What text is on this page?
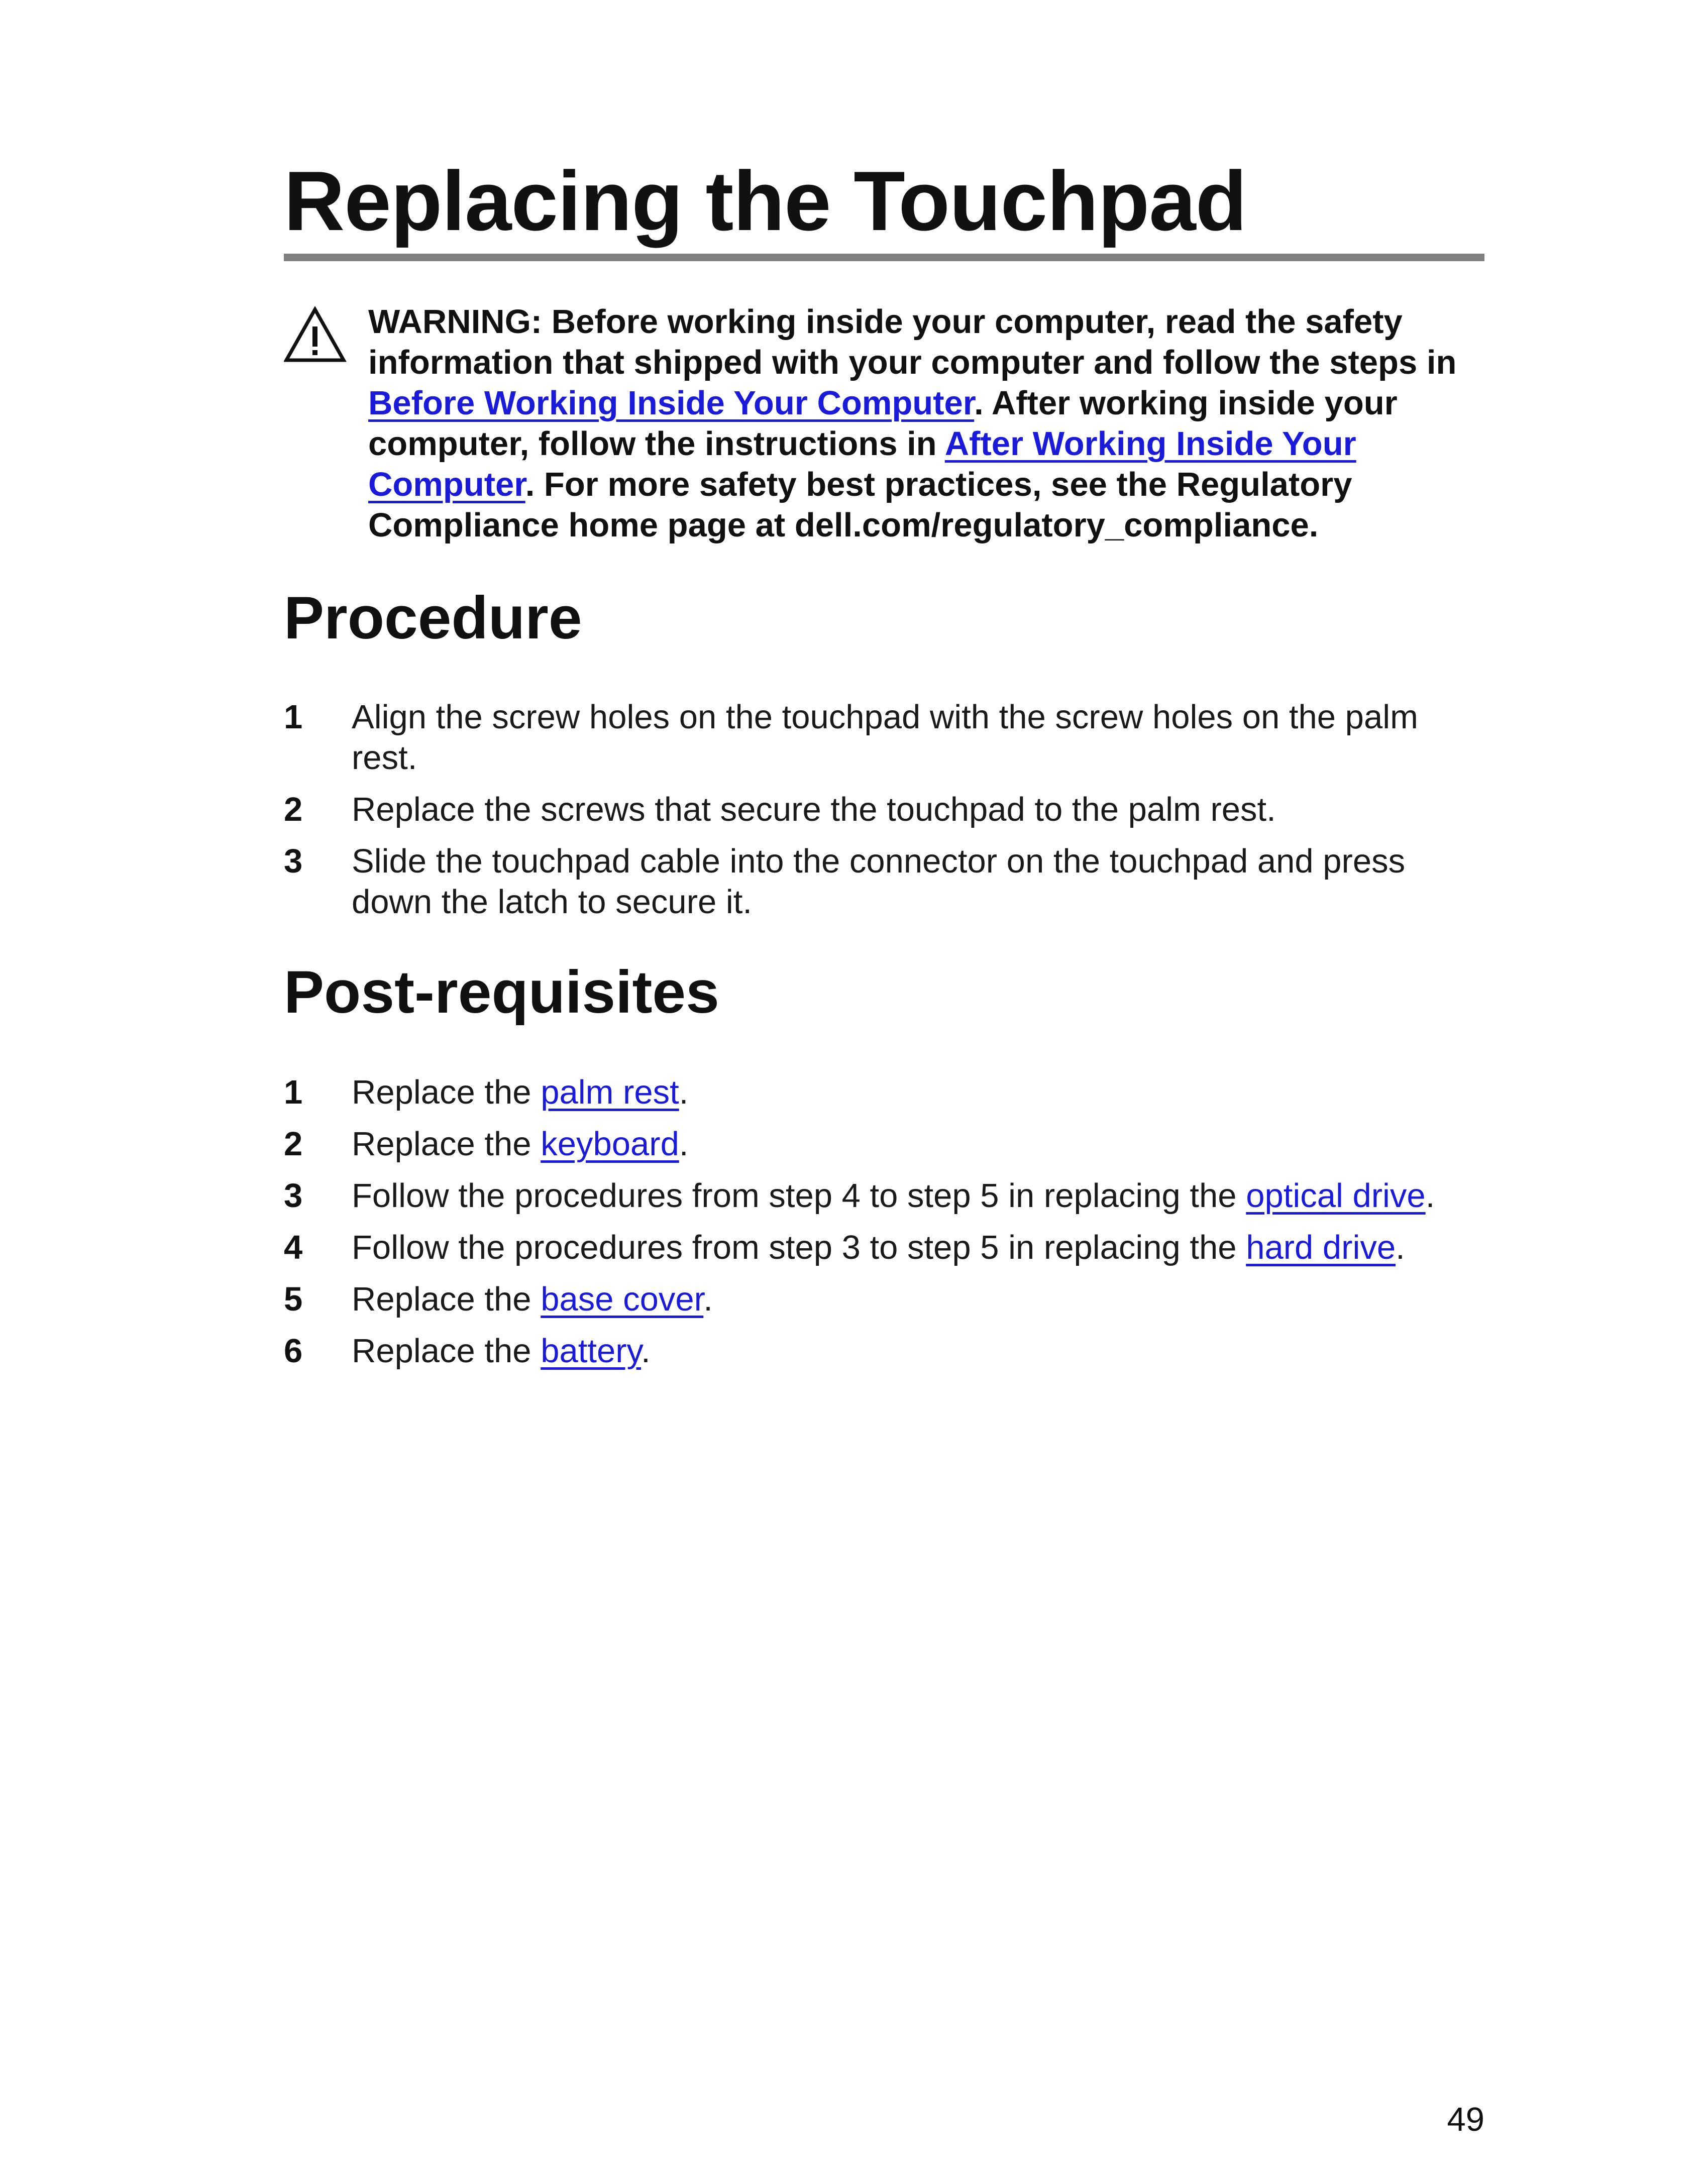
Replacing the Touchpad
WARNING: Before working inside your computer, read the safety information that shipped with your computer and follow the steps in Before Working Inside Your Computer. After working inside your computer, follow the instructions in After Working Inside Your Computer. For more safety best practices, see the Regulatory Compliance home page at dell.com/regulatory_compliance.
Procedure
1 Align the screw holes on the touchpad with the screw holes on the palm rest.
2 Replace the screws that secure the touchpad to the palm rest.
3 Slide the touchpad cable into the connector on the touchpad and press down the latch to secure it.
Post-requisites
1 Replace the palm rest.
2 Replace the keyboard.
3 Follow the procedures from step 4 to step 5 in replacing the optical drive.
4 Follow the procedures from step 3 to step 5 in replacing the hard drive.
5 Replace the base cover.
6 Replace the battery.
49
